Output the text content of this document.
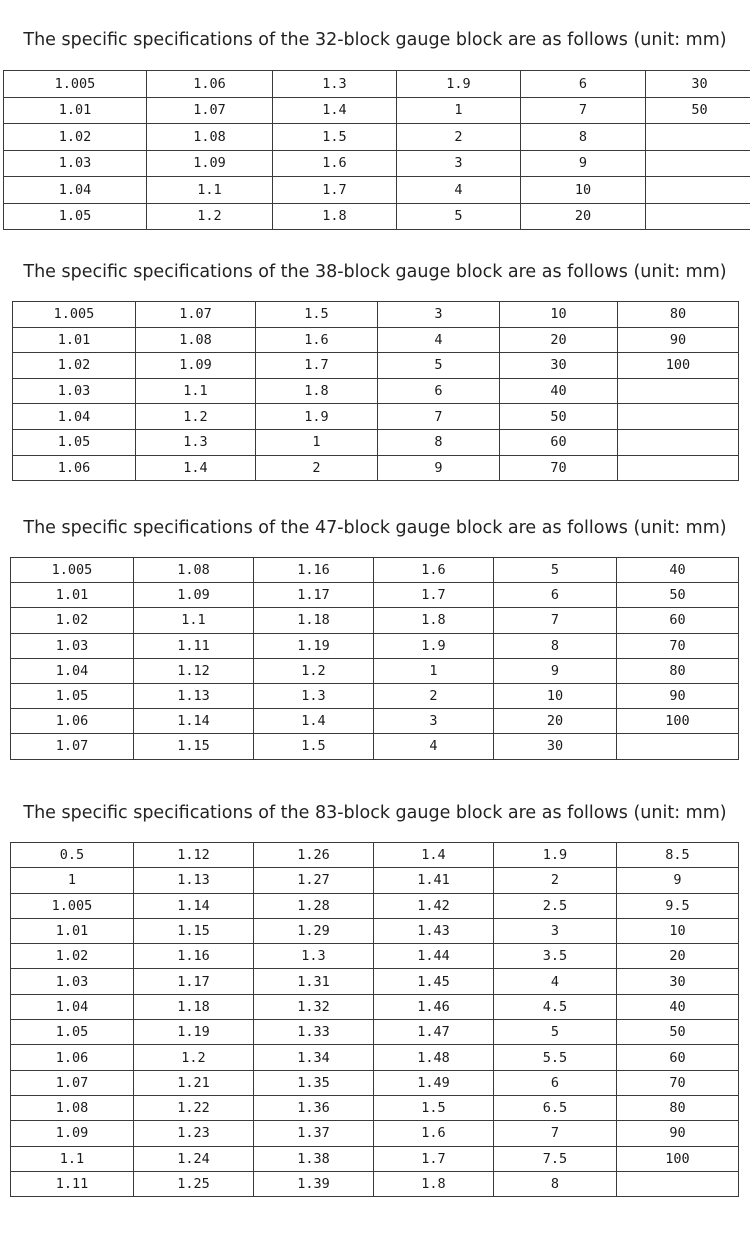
The specific specifications of the 32-block gauge block are as follows (unit: mm)
1.005	1.06	1.3	1.9	6	30
1.01	1.07	1.4	1	7	50
1.02	1.08	1.5	2	8	
1.03	1.09	1.6	3	9	
1.04	1.1	1.7	4	10	
1.05	1.2	1.8	5	20	
The specific specifications of the 38-block gauge block are as follows (unit: mm)
1.005	1.07	1.5	3	10	80
1.01	1.08	1.6	4	20	90
1.02	1.09	1.7	5	30	100
1.03	1.1	1.8	6	40	
1.04	1.2	1.9	7	50	
1.05	1.3	1	8	60	
1.06	1.4	2	9	70	
The specific specifications of the 47-block gauge block are as follows (unit: mm)
1.005	1.08	1.16	1.6	5	40
1.01	1.09	1.17	1.7	6	50
1.02	1.1	1.18	1.8	7	60
1.03	1.11	1.19	1.9	8	70
1.04	1.12	1.2	1	9	80
1.05	1.13	1.3	2	10	90
1.06	1.14	1.4	3	20	100
1.07	1.15	1.5	4	30	
The specific specifications of the 83-block gauge block are as follows (unit: mm)
0.5	1.12	1.26	1.4	1.9	8.5
1	1.13	1.27	1.41	2	9
1.005	1.14	1.28	1.42	2.5	9.5
1.01	1.15	1.29	1.43	3	10
1.02	1.16	1.3	1.44	3.5	20
1.03	1.17	1.31	1.45	4	30
1.04	1.18	1.32	1.46	4.5	40
1.05	1.19	1.33	1.47	5	50
1.06	1.2	1.34	1.48	5.5	60
1.07	1.21	1.35	1.49	6	70
1.08	1.22	1.36	1.5	6.5	80
1.09	1.23	1.37	1.6	7	90
1.1	1.24	1.38	1.7	7.5	100
1.11	1.25	1.39	1.8	8	
